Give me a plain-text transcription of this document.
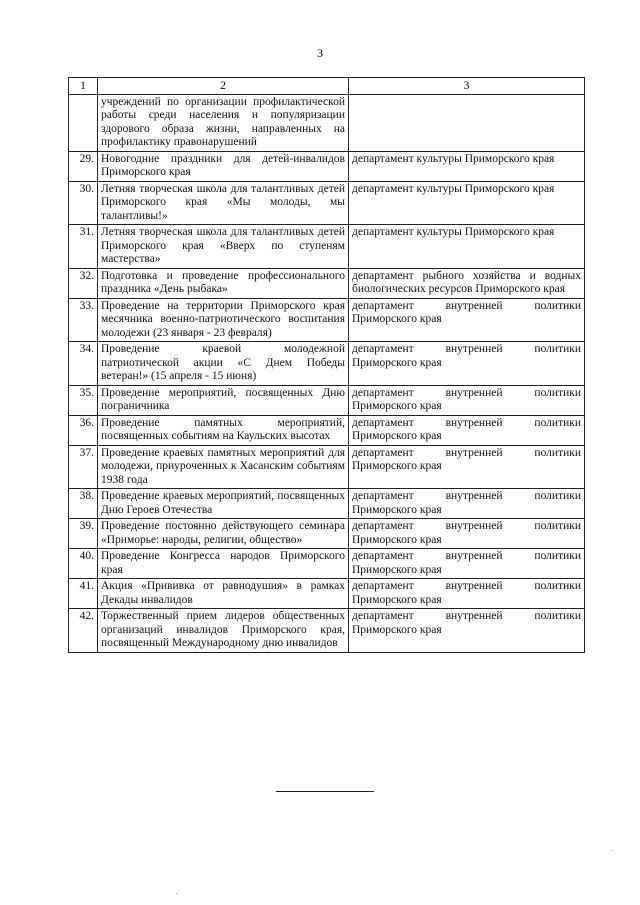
3
1	2	3
	учреждений по организации профилактической работы среди населения и популяризации здорового образа жизни, направленных на профилактику правонарушений	
29.	Новогодние праздники для детей-инвалидов Приморского края	департамент культуры Приморского края
30.	Летняя творческая школа для талантливых детей Приморского края «Мы молоды, мы талантливы!»	департамент культуры Приморского края
31.	Летняя творческая школа для талантливых детей Приморского края «Вверх по ступеням мастерства»	департамент культуры Приморского края
32.	Подготовка и проведение профессионального праздника «День рыбака»	департамент рыбного хозяйства и водных биологических ресурсов Приморского края
33.	Проведение на территории Приморского края месячника военно-патриотического воспитания молодежи (23 января - 23 февраля)	департамент внутренней политики Приморского края
34.	Проведение краевой молодежной патриотической акции «С Днем Победы ветеран!» (15 апреля - 15 июня)	департамент внутренней политики Приморского края
35.	Проведение мероприятий, посвященных Дню пограничника	департамент внутренней политики Приморского края
36.	Проведение памятных мероприятий, посвященных событиям на Каульских высотах	департамент внутренней политики Приморского края
37.	Проведение краевых памятных мероприятий для молодежи, приуроченных к Хасанским событиям 1938 года	департамент внутренней политики Приморского края
38.	Проведение краевых мероприятий, посвященных Дню Героев Отечества	департамент внутренней политики Приморского края
39.	Проведение постоянно действующего семинара «Приморье: народы, религии, общество»	департамент внутренней политики Приморского края
40.	Проведение Конгресса народов Приморского края	департамент внутренней политики Приморского края
41.	Акция «Прививка от равнодушия» в рамках Декады инвалидов	департамент внутренней политики Приморского края
42.	Торжественный прием лидеров общественных организаций инвалидов Приморского края, посвященный Международному дню инвалидов	департамент внутренней политики Приморского края
